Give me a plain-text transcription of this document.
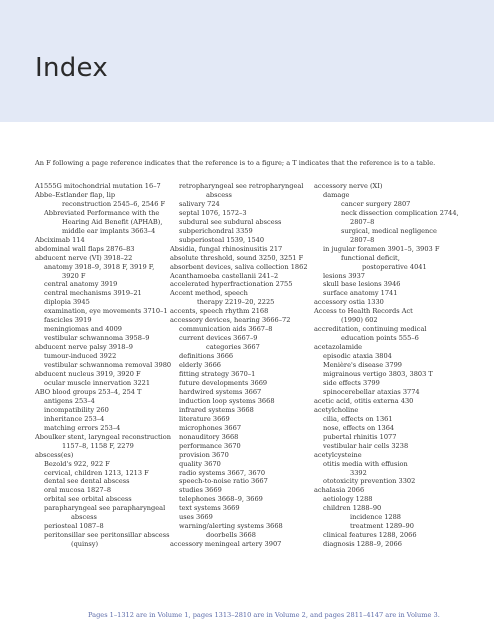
Index
An F following a page reference indicates that the reference is to a figure; a T indicates that the reference is to a table.
A1555G mitochondrial mutation 16–7
Abbe–Estlander flap, lip
reconstruction 2545–6, 2546 F
Abbreviated Performance with the
Hearing Aid Benefit (APHAB),
middle ear implants 3663–4
Abciximab 114
abdominal wall flaps 2876–83
abducent nerve (VI) 3918–22
anatomy 3918–9, 3918 F, 3919 F,
3920 F
central anatomy 3919
central mechanisms 3919–21
diplopia 3945
examination, eye movements 3710–1
fascicles 3919
meningiomas and 4009
vestibular schwannoma 3958–9
abducent nerve palsy 3918–9
tumour-induced 3922
vestibular schwannoma removal 3980
abducent nucleus 3919, 3920 F
ocular muscle innervation 3221
ABO blood groups 253–4, 254 T
antigens 253–4
incompatibility 260
inheritance 253–4
matching errors 253–4
Aboulker stent, laryngeal reconstruction
1157–8, 1158 F, 2279
abscess(es)
Bezold's 922, 922 F
cervical, children 1213, 1213 F
dental see dental abscess
oral mucosa 1827–8
orbital see orbital abscess
parapharyngeal see parapharyngeal
abscess
periosteal 1087–8
peritonsillar see peritonsillar abscess
(quinsy)
retropharyngeal see retropharyngeal
abscess
salivary 724
septal 1076, 1572–3
subdural see subdural abscess
subperichondral 3359
subperiosteal 1539, 1540
Absidia, fungal rhinosinusitis 217
absolute threshold, sound 3250, 3251 F
absorbent devices, saliva collection 1862
Acanthamoeba castellanii 241–2
accelerated hyperfractionation 2755
Accent method, speech
therapy 2219–20, 2225
accents, speech rhythm 2168
accessory devices, hearing 3666–72
communication aids 3667–8
current devices 3667–9
categories 3667
definitions 3666
elderly 3666
fitting strategy 3670–1
future developments 3669
hardwired systems 3667
induction loop systems 3668
infrared systems 3668
literature 3669
microphones 3667
nonauditory 3668
performance 3670
provision 3670
quality 3670
radio systems 3667, 3670
speech-to-noise ratio 3667
studies 3669
telephones 3668–9, 3669
text systems 3669
uses 3669
warning/alerting systems 3668
doorbells 3668
accessory meningeal artery 3907
accessory nerve (XI)
damage
cancer surgery 2807
neck dissection complication 2744,
2807–8
surgical, medical negligence
2807–8
in jugular foramen 3901–5, 3903 F
functional deficit,
postoperative 4041
lesions 3937
skull base lesions 3946
surface anatomy 1741
accessory ostia 1330
Access to Health Records Act
(1990) 602
accreditation, continuing medical
education points 555–6
acetazolamide
episodic ataxia 3804
Menière's disease 3799
migrainous vertigo 3803, 3803 T
side effects 3799
spinocerebellar ataxias 3774
acetic acid, otitis externa 430
acetylcholine
cilia, effects on 1361
nose, effects on 1364
pubertal rhinitis 1077
vestibular hair cells 3238
acetylcysteine
otitis media with effusion
3392
ototoxicity prevention 3302
achalasia 2066
aetiology 1288
children 1288–90
incidence 1288
treatment 1289–90
clinical features 1288, 2066
diagnosis 1288–9, 2066
Pages 1–1312 are in Volume 1, pages 1313–2810 are in Volume 2, and pages 2811–4147 are in Volume 3.
